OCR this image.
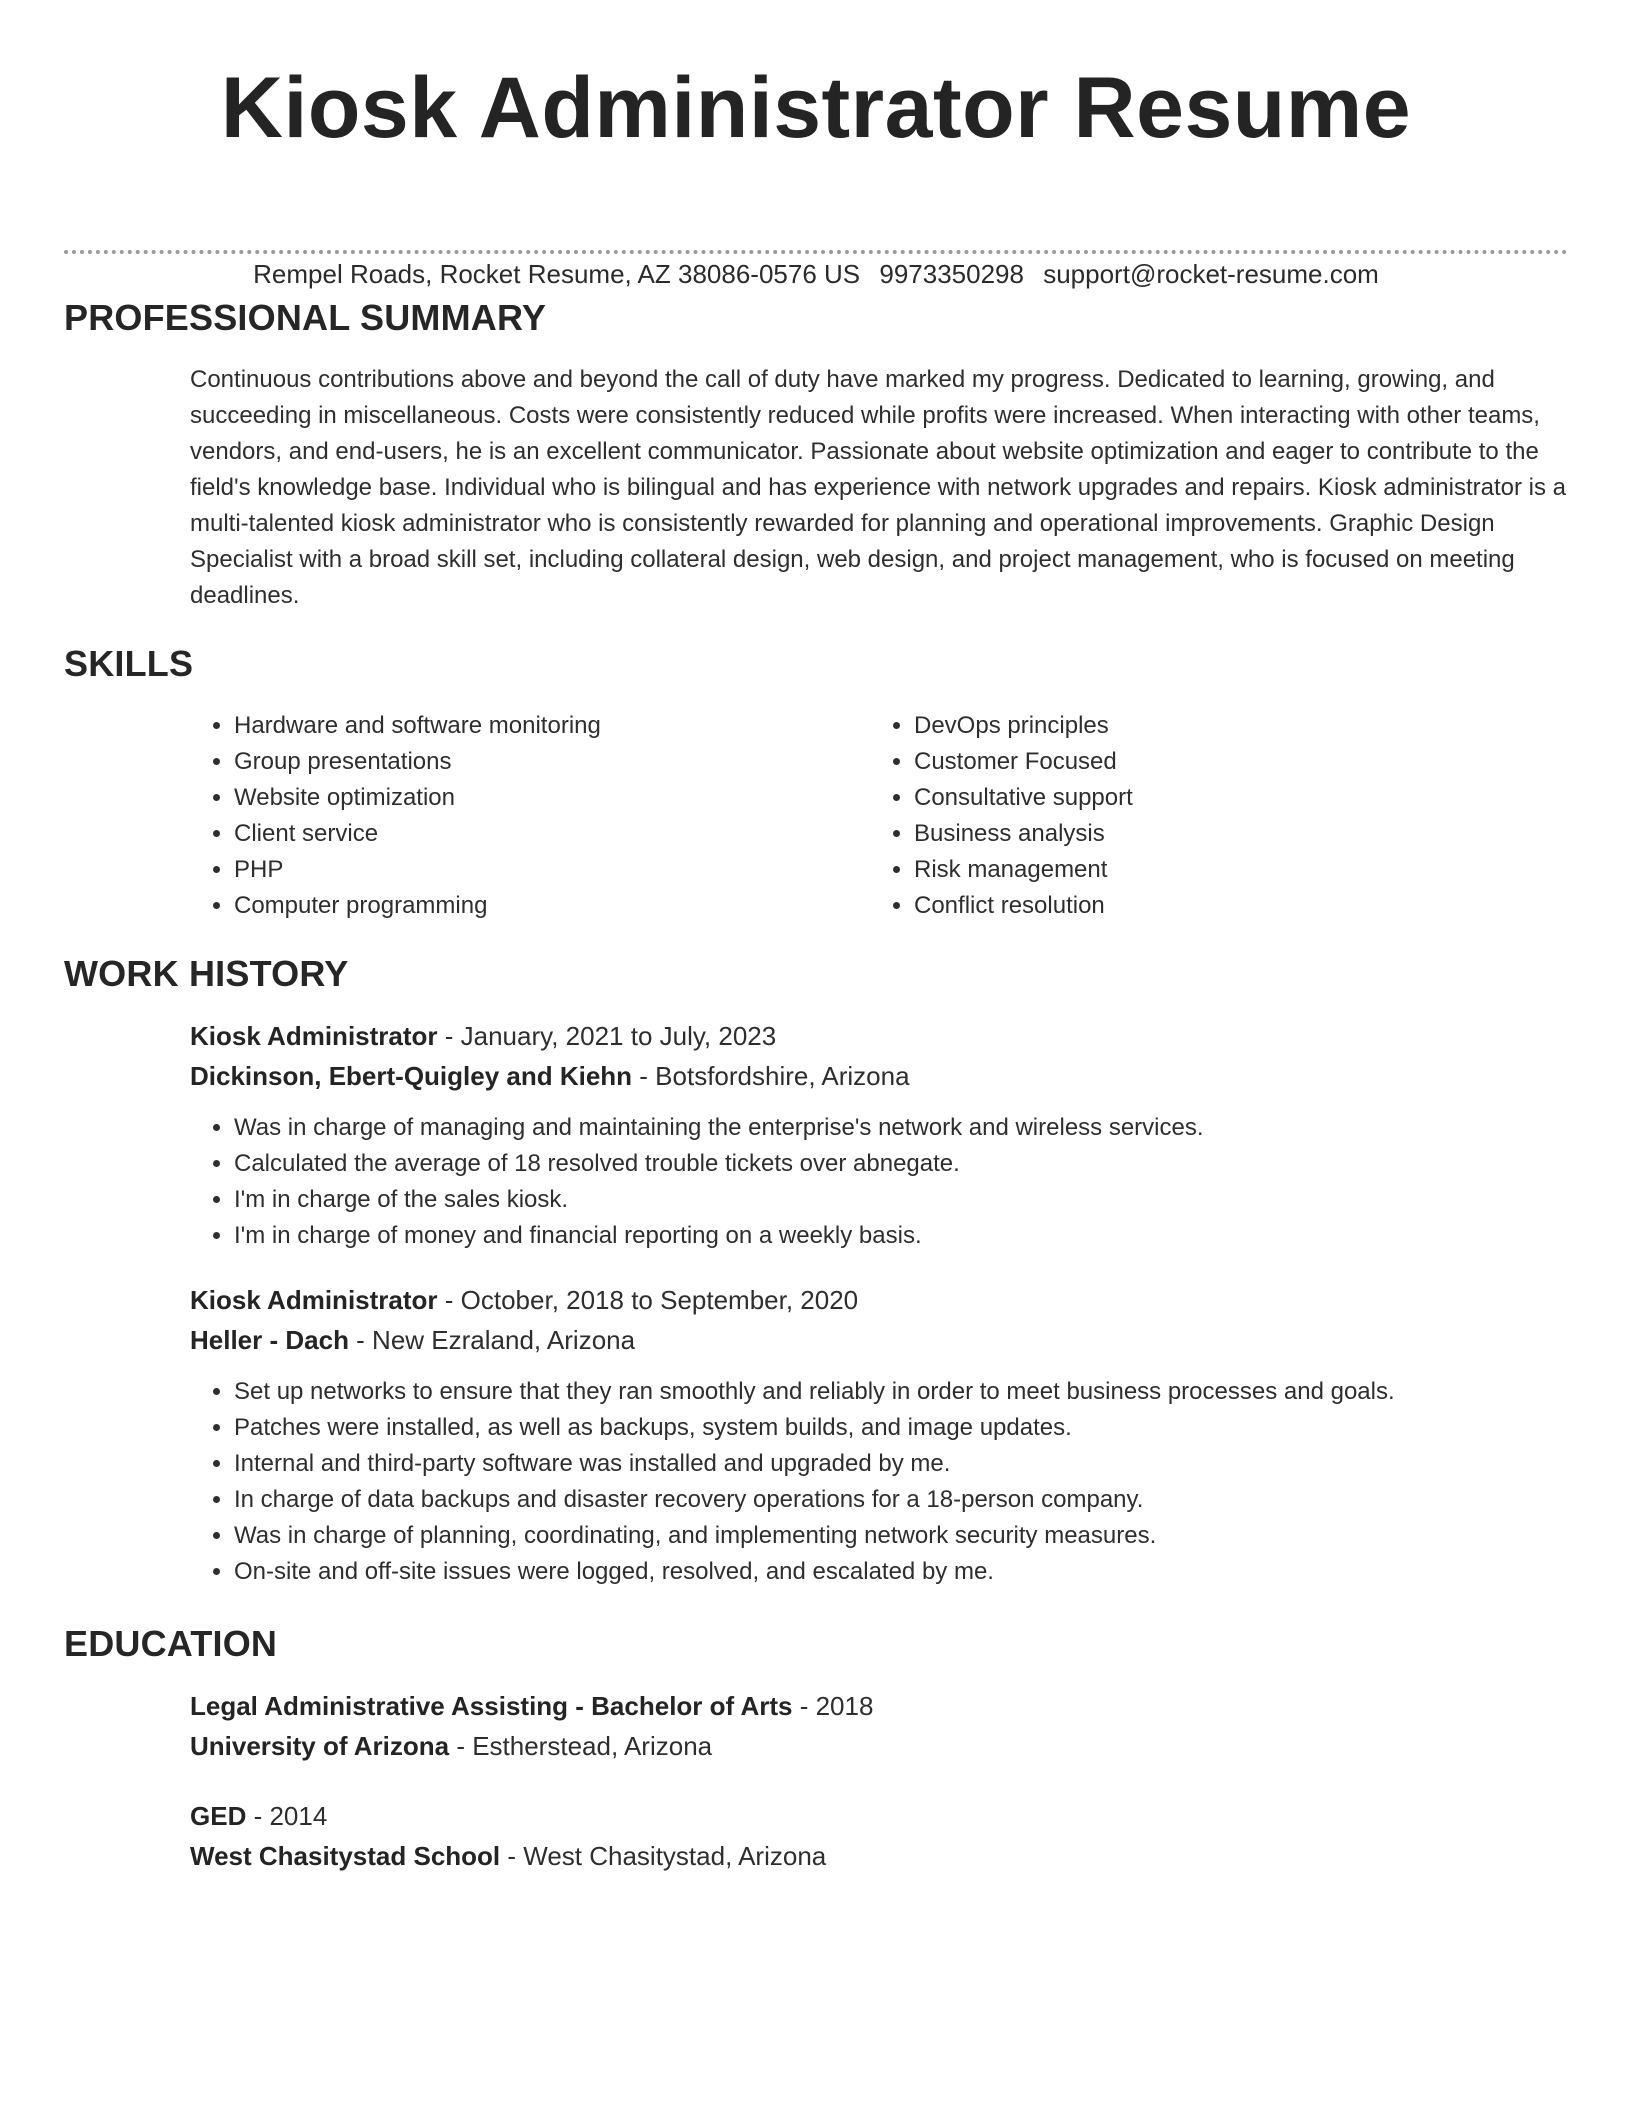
Kiosk Administrator Resume
Rempel Roads, Rocket Resume, AZ 38086-0576 US 9973350298 support@rocket-resume.com
PROFESSIONAL SUMMARY

Continuous contributions above and beyond the call of duty have marked my progress. Dedicated to learning, growing, and succeeding in miscellaneous. Costs were consistently reduced while profits were increased. When interacting with other teams, vendors, and end-users, he is an excellent communicator. Passionate about website optimization and eager to contribute to the field's knowledge base. Individual who is bilingual and has experience with network upgrades and repairs. Kiosk administrator is a multi-talented kiosk administrator who is consistently rewarded for planning and operational improvements. Graphic Design Specialist with a broad skill set, including collateral design, web design, and project management, who is focused on meeting deadlines.

SKILLS
• Hardware and software monitoring
• Group presentations
• Website optimization
• Client service
• PHP
• Computer programming
• DevOps principles
• Customer Focused
• Consultative support
• Business analysis
• Risk management
• Conflict resolution
WORK HISTORY
Kiosk Administrator - January, 2021 to July, 2023
Dickinson, Ebert-Quigley and Kiehn - Botsfordshire, Arizona
• Was in charge of managing and maintaining the enterprise's network and wireless services.
• Calculated the average of 18 resolved trouble tickets over abnegate.
• I'm in charge of the sales kiosk.
• I'm in charge of money and financial reporting on a weekly basis.
Kiosk Administrator - October, 2018 to September, 2020
Heller - Dach - New Ezraland, Arizona
• Set up networks to ensure that they ran smoothly and reliably in order to meet business processes and goals.
• Patches were installed, as well as backups, system builds, and image updates.
• Internal and third-party software was installed and upgraded by me.
• In charge of data backups and disaster recovery operations for a 18-person company.
• Was in charge of planning, coordinating, and implementing network security measures.
• On-site and off-site issues were logged, resolved, and escalated by me.
EDUCATION
Legal Administrative Assisting - Bachelor of Arts - 2018
University of Arizona - Estherstead, Arizona
GED - 2014
West Chasitystad School - West Chasitystad, Arizona
